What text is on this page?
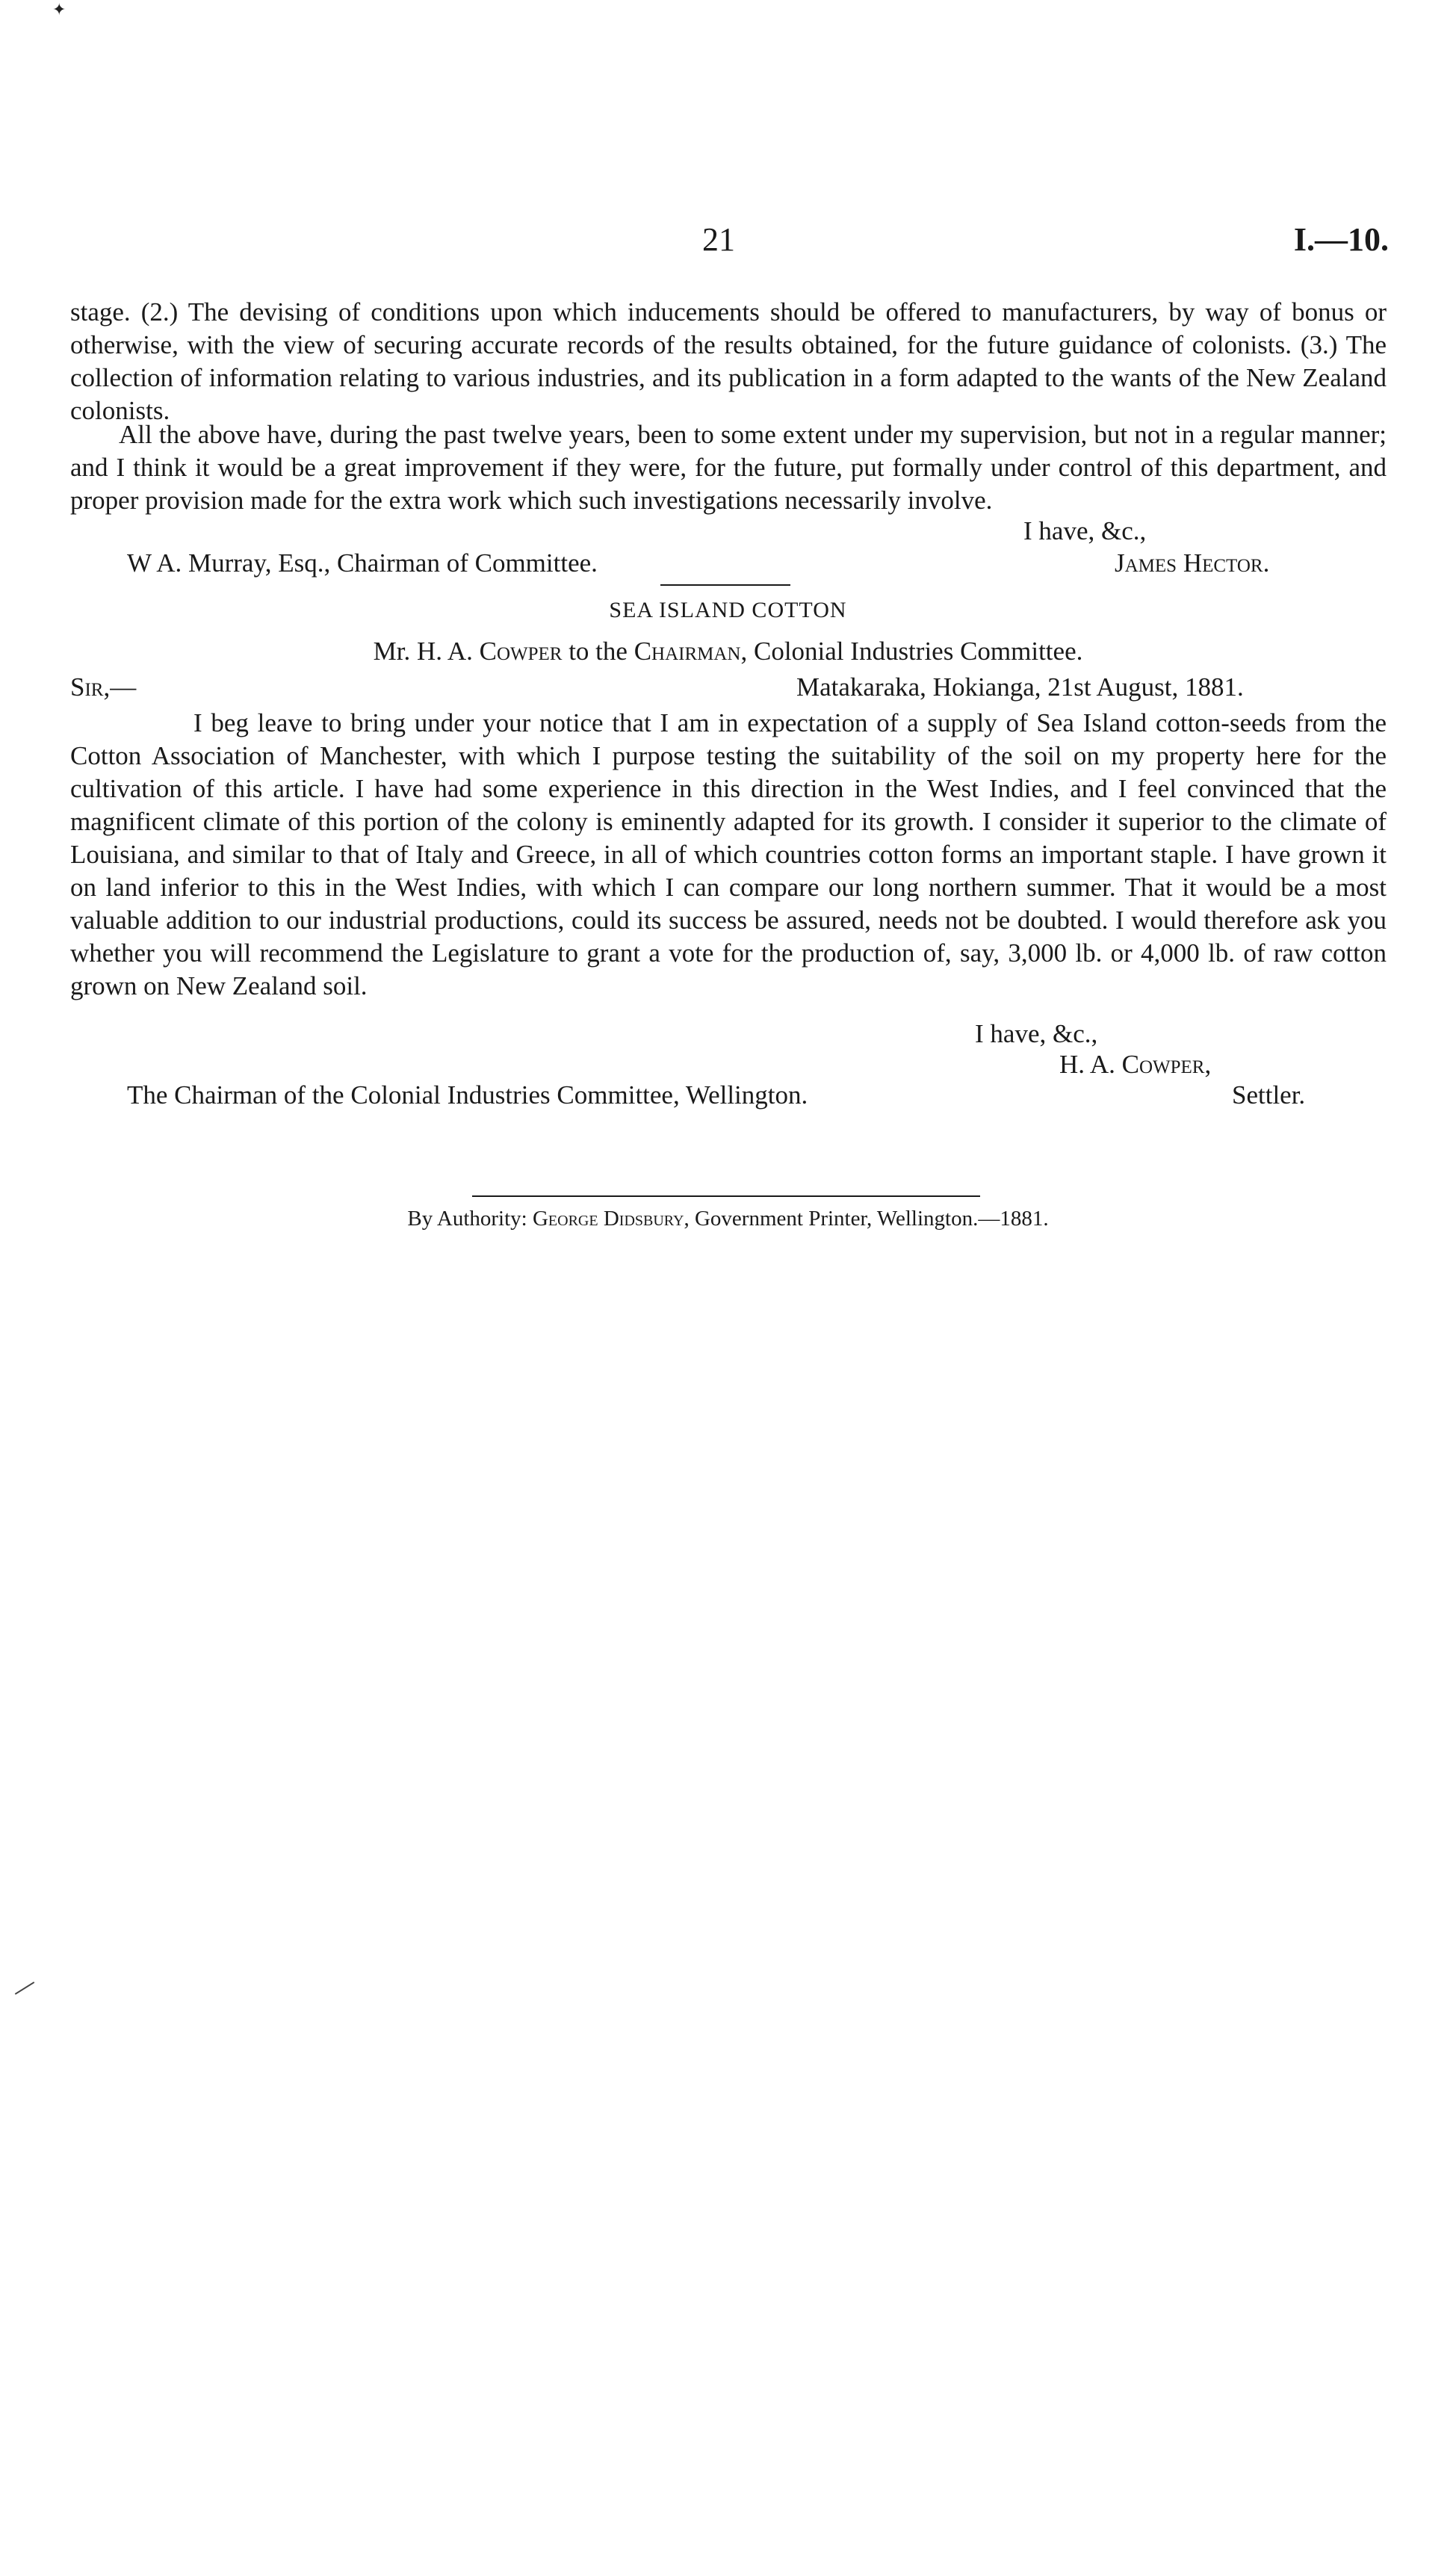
✦
21	I.—10.

stage. (2.) The devising of conditions upon which inducements should be offered to manufacturers, by way of bonus or otherwise, with the view of securing accurate records of the results obtained, for the future guidance of colonists. (3.) The collection of information relating to various industries, and its publication in a form adapted to the wants of the New Zealand colonists.

All the above have, during the past twelve years, been to some extent under my supervision, but not in a regular manner; and I think it would be a great improvement if they were, for the future, put formally under control of this department, and proper provision made for the extra work which such investigations necessarily involve.

I have, &c.,
W A. Murray, Esq., Chairman of Committee.	James Hector.
SEA ISLAND COTTON
Mr. H. A. Cowper to the Chairman, Colonial Industries Committee.
Sir,—	Matakaraka, Hokianga, 21st August, 1881.

I beg leave to bring under your notice that I am in expectation of a supply of Sea Island cotton-seeds from the Cotton Association of Manchester, with which I purpose testing the suitability of the soil on my property here for the cultivation of this article. I have had some experience in this direction in the West Indies, and I feel convinced that the magnificent climate of this portion of the colony is eminently adapted for its growth. I consider it superior to the climate of Louisiana, and similar to that of Italy and Greece, in all of which countries cotton forms an important staple. I have grown it on land inferior to this in the West Indies, with which I can compare our long northern summer. That it would be a most valuable addition to our industrial productions, could its success be assured, needs not be doubted. I would therefore ask you whether you will recommend the Legislature to grant a vote for the production of, say, 3,000 lb. or 4,000 lb. of raw cotton grown on New Zealand soil.

I have, &c.,
H. A. Cowper,
The Chairman of the Colonial Industries Committee, Wellington.	Settler.
By Authority: George Didsbury, Government Printer, Wellington.—1881.
